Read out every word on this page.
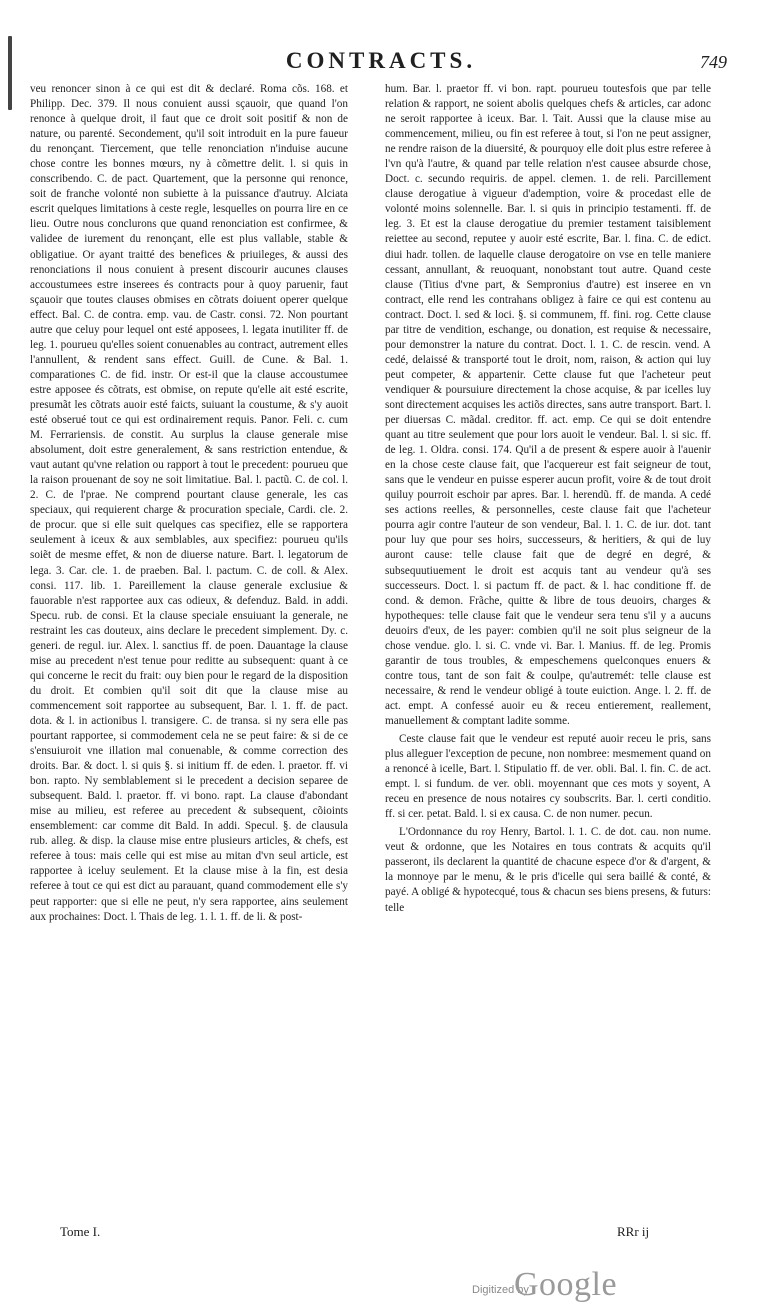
CONTRACTS.	749

veu renoncer sinon à ce qui est dit & declaré. Roma cõs. 168. et Philipp. Dec. 379. Il nous conuient aussi sçauoir, que quand l'on renonce à quelque droit, il faut que ce droit soit positif & non de nature, ou parenté. Secondement, qu'il soit introduit en la pure faueur du renonçant. Tiercement, que telle renonciation n'induise aucune chose contre les bonnes mœurs, ny à cõmettre delit. l. si quis in conscribendo. C. de pact. Quartement, que la personne qui renonce, soit de franche volonté non subiette à la puissance d'autruy. Alciata escrit quelques limitations à ceste regle, lesquelles on pourra lire en ce lieu. Outre nous conclurons que quand renonciation est confirmee, & validee de iurement du renonçant, elle est plus vallable, stable & obligatiue. Or ayant traitté des benefices & priuileges, & aussi des renonciations il nous conuient à present discourir aucunes clauses accoustumees estre inserees és contracts pour à quoy paruenir, faut sçauoir que toutes clauses obmises en cõtrats doiuent operer quelque effect. Bal. C. de contra. emp. vau. de Castr. consi. 72. Non pourtant autre que celuy pour lequel ont esté apposees, l. legata inutiliter ff. de leg. 1. pourueu qu'elles soient conuenables au contract, autrement elles l'annullent, & rendent sans effect. Guill. de Cune. & Bal. 1. comparationes C. de fid. instr. Or est-il que la clause accoustumee estre apposee és cõtrats, est obmise, on repute qu'elle ait esté escrite, presumãt les cõtrats auoir esté faicts, suiuant la coustume, & s'y auoit esté obserué tout ce qui est ordinairement requis. Panor. Feli. c. cum M. Ferrariensis. de constit. Au surplus la clause generale mise absolument, doit estre generalement, & sans restriction entendue, & vaut autant qu'vne relation ou rapport à tout le precedent: pourueu que la raison prouenant de soy ne soit limitatiue. Bal. l. pactũ. C. de col. l. 2. C. de l'prae. Ne comprend pourtant clause generale, les cas speciaux, qui requierent charge & procuration speciale, Cardi. cle. 2. de procur. que si elle suit quelques cas specifiez, elle se rapportera seulement à iceux & aux semblables, aux specifiez: pourueu qu'ils soiẽt de mesme effet, & non de diuerse nature. Bart. l. legatorum de lega. 3. Car. cle. 1. de praeben. Bal. l. pactum. C. de coll. & Alex. consi. 117. lib. 1. Pareillement la clause generale exclusiue & fauorable n'est rapportee aux cas odieux, & defenduz. Bald. in addi. Specu. rub. de consi. Et la clause speciale ensuiuant la generale, ne restraint les cas douteux, ains declare le precedent simplement. Dy. c. generi. de regul. iur. Alex. l. sanctius ff. de poen. Dauantage la clause mise au precedent n'est tenue pour reditte au subsequent: quant à ce qui concerne le recit du frait: ouy bien pour le regard de la disposition du droit. Et combien qu'il soit dit que la clause mise au commencement soit rapportee au subsequent, Bar. l. 1. ff. de pact. dota. & l. in actionibus l. transigere. C. de transa. si ny sera elle pas pourtant rapportee, si commodement cela ne se peut faire: & si de ce s'ensuiuroit vne illation mal conuenable, & comme correction des droits. Bar. & doct. l. si quis §. si initium ff. de eden. l. praetor. ff. vi bon. rapto. Ny semblablement si le precedent a decision separee de subsequent. Bald. l. praetor. ff. vi bono. rapt. La clause d'abondant mise au milieu, est referee au precedent & subsequent, cõioints ensemblement: car comme dit Bald. In addi. Specul. §. de clausula rub. alleg. & disp. la clause mise entre plusieurs articles, & chefs, est referee à tous: mais celle qui est mise au mitan d'vn seul article, est rapportee à iceluy seulement. Et la clause mise à la fin, est desia referee à tout ce qui est dict au parauant, quand commodement elle s'y peut rapporter: que si elle ne peut, n'y sera rapportee, ains seulement aux prochaines: Doct. l. Thais de leg. 1. l. 1. ff. de li. & post-

hum. Bar. l. praetor ff. vi bon. rapt. pourueu toutesfois que par telle relation & rapport, ne soient abolis quelques chefs & articles, car adonc ne seroit rapportee à iceux. Bar. l. Tait. Aussi que la clause mise au commencement, milieu, ou fin est referee à tout, si l'on ne peut assigner, ne rendre raison de la diuersité, & pourquoy elle doit plus estre referee à l'vn qu'à l'autre, & quand par telle relation n'est causee absurde chose, Doct. c. secundo requiris. de appel. clemen. 1. de reli. Parcillement clause derogatiue à vigueur d'ademption, voire & procedast elle de volonté moins solennelle. Bar. l. si quis in principio testamenti. ff. de leg. 3. Et est la clause derogatiue du premier testament taisiblement reiettee au second, reputee y auoir esté escrite, Bar. l. fina. C. de edict. diui hadr. tollen. de laquelle clause derogatoire on vse en telle maniere cessant, annullant, & reuoquant, nonobstant tout autre. Quand ceste clause (Titius d'vne part, & Sempronius d'autre) est inseree en vn contract, elle rend les contrahans obligez à faire ce qui est contenu au contract. Doct. l. sed & loci. §. si communem, ff. fini. rog. Cette clause par titre de vendition, eschange, ou donation, est requise & necessaire, pour demonstrer la nature du contrat. Doct. l. 1. C. de rescin. vend. A cedé, delaissé & transporté tout le droit, nom, raison, & action qui luy peut competer, & appartenir. Cette clause fut que l'acheteur peut vendiquer & poursuiure directement la chose acquise, & par icelles luy sont directement acquises les actiõs directes, sans autre transport. Bart. l. per diuersas C. mãdal. creditor. ff. act. emp. Ce qui se doit entendre quant au titre seulement que pour lors auoit le vendeur. Bal. l. si sic. ff. de leg. 1. Oldra. consi. 174. Qu'il a de present & espere auoir à l'auenir en la chose ceste clause fait, que l'acquereur est fait seigneur de tout, sans que le vendeur en puisse esperer aucun profit, voire & de tout droit quiluy pourroit eschoir par apres. Bar. l. herendũ. ff. de manda. A cedé ses actions reelles, & personnelles, ceste clause fait que l'acheteur pourra agir contre l'auteur de son vendeur, Bal. l. 1. C. de iur. dot. tant pour luy que pour ses hoirs, successeurs, & heritiers, & qui de luy auront cause: telle clause fait que de degré en degré, & subsequutiuement le droit est acquis tant au vendeur qu'à ses successeurs. Doct. l. si pactum ff. de pact. & l. hac conditione ff. de cond. & demon. Frãche, quitte & libre de tous deuoirs, charges & hypotheques: telle clause fait que le vendeur sera tenu s'il y a aucuns deuoirs d'eux, de les payer: combien qu'il ne soit plus seigneur de la chose vendue. glo. l. si. C. vnde vi. Bar. l. Manius. ff. de leg. Promis garantir de tous troubles, & empeschemens quelconques enuers & contre tous, tant de son fait & coulpe, qu'autremét: telle clause est necessaire, & rend le vendeur obligé à toute euiction. Ange. l. 2. ff. de act. empt. A confessé auoir eu & receu entierement, reallement, manuellement & comptant ladite somme.

Ceste clause fait que le vendeur est reputé auoir receu le pris, sans plus alleguer l'exception de pecune, non nombree: mesmement quand on a renoncé à icelle, Bart. l. Stipulatio ff. de ver. obli. Bal. l. fin. C. de act. empt. l. si fundum. de ver. obli. moyennant que ces mots y soyent, A receu en presence de nous notaires cy soubscrits. Bar. l. certi conditio. ff. si cer. petat. Bald. l. si ex causa. C. de non numer. pecun.

L'Ordonnance du roy Henry, Bartol. l. 1. C. de dot. cau. non nume. veut & ordonne, que les Notaires en tous contrats & acquits qu'il passeront, ils declarent la quantité de chacune espece d'or & d'argent, & la monnoye par le menu, & le pris d'icelle qui sera baillé & conté, & payé. A obligé & hypotecqué, tous & chacun ses biens presens, & futurs: telle

Tome I.	RRr ij
Digitized by
Google
